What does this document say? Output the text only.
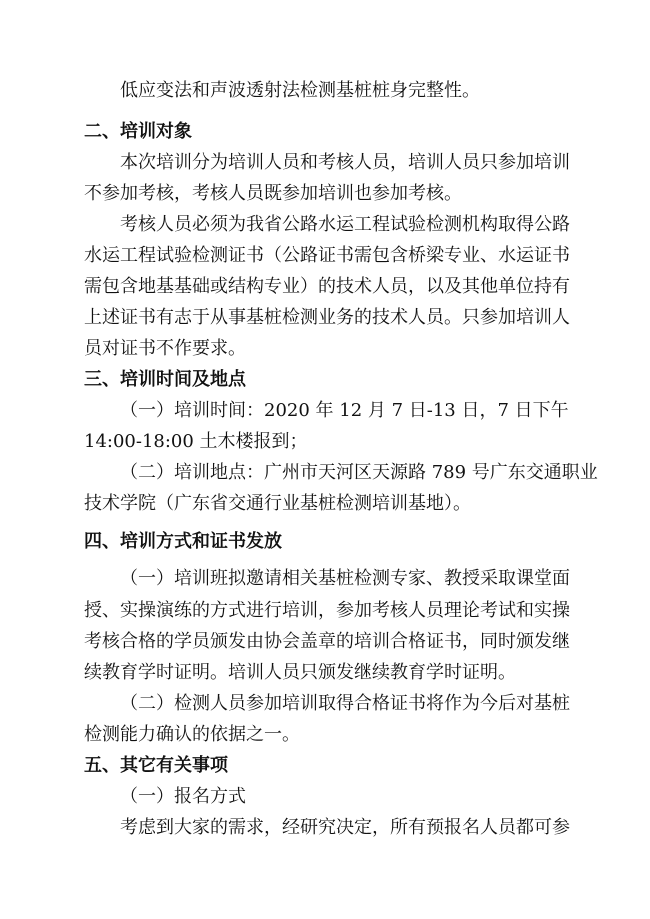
低应变法和声波透射法检测基桩桩身完整性。
二、培训对象
本次培训分为培训人员和考核人员，培训人员只参加培训
不参加考核，考核人员既参加培训也参加考核。
考核人员必须为我省公路水运工程试验检测机构取得公路
水运工程试验检测证书（公路证书需包含桥梁专业、水运证书
需包含地基基础或结构专业）的技术人员，以及其他单位持有
上述证书有志于从事基桩检测业务的技术人员。只参加培训人
员对证书不作要求。
三、培训时间及地点
（一）培训时间：2020 年 12 月 7 日-13 日，7 日下午
14:00-18:00 土木楼报到；
（二）培训地点：广州市天河区天源路 789 号广东交通职业
技术学院（广东省交通行业基桩检测培训基地）。
四、培训方式和证书发放
（一）培训班拟邀请相关基桩检测专家、教授采取课堂面
授、实操演练的方式进行培训，参加考核人员理论考试和实操
考核合格的学员颁发由协会盖章的培训合格证书，同时颁发继
续教育学时证明。培训人员只颁发继续教育学时证明。
（二）检测人员参加培训取得合格证书将作为今后对基桩
检测能力确认的依据之一。
五、其它有关事项
（一）报名方式
考虑到大家的需求，经研究决定，所有预报名人员都可参
